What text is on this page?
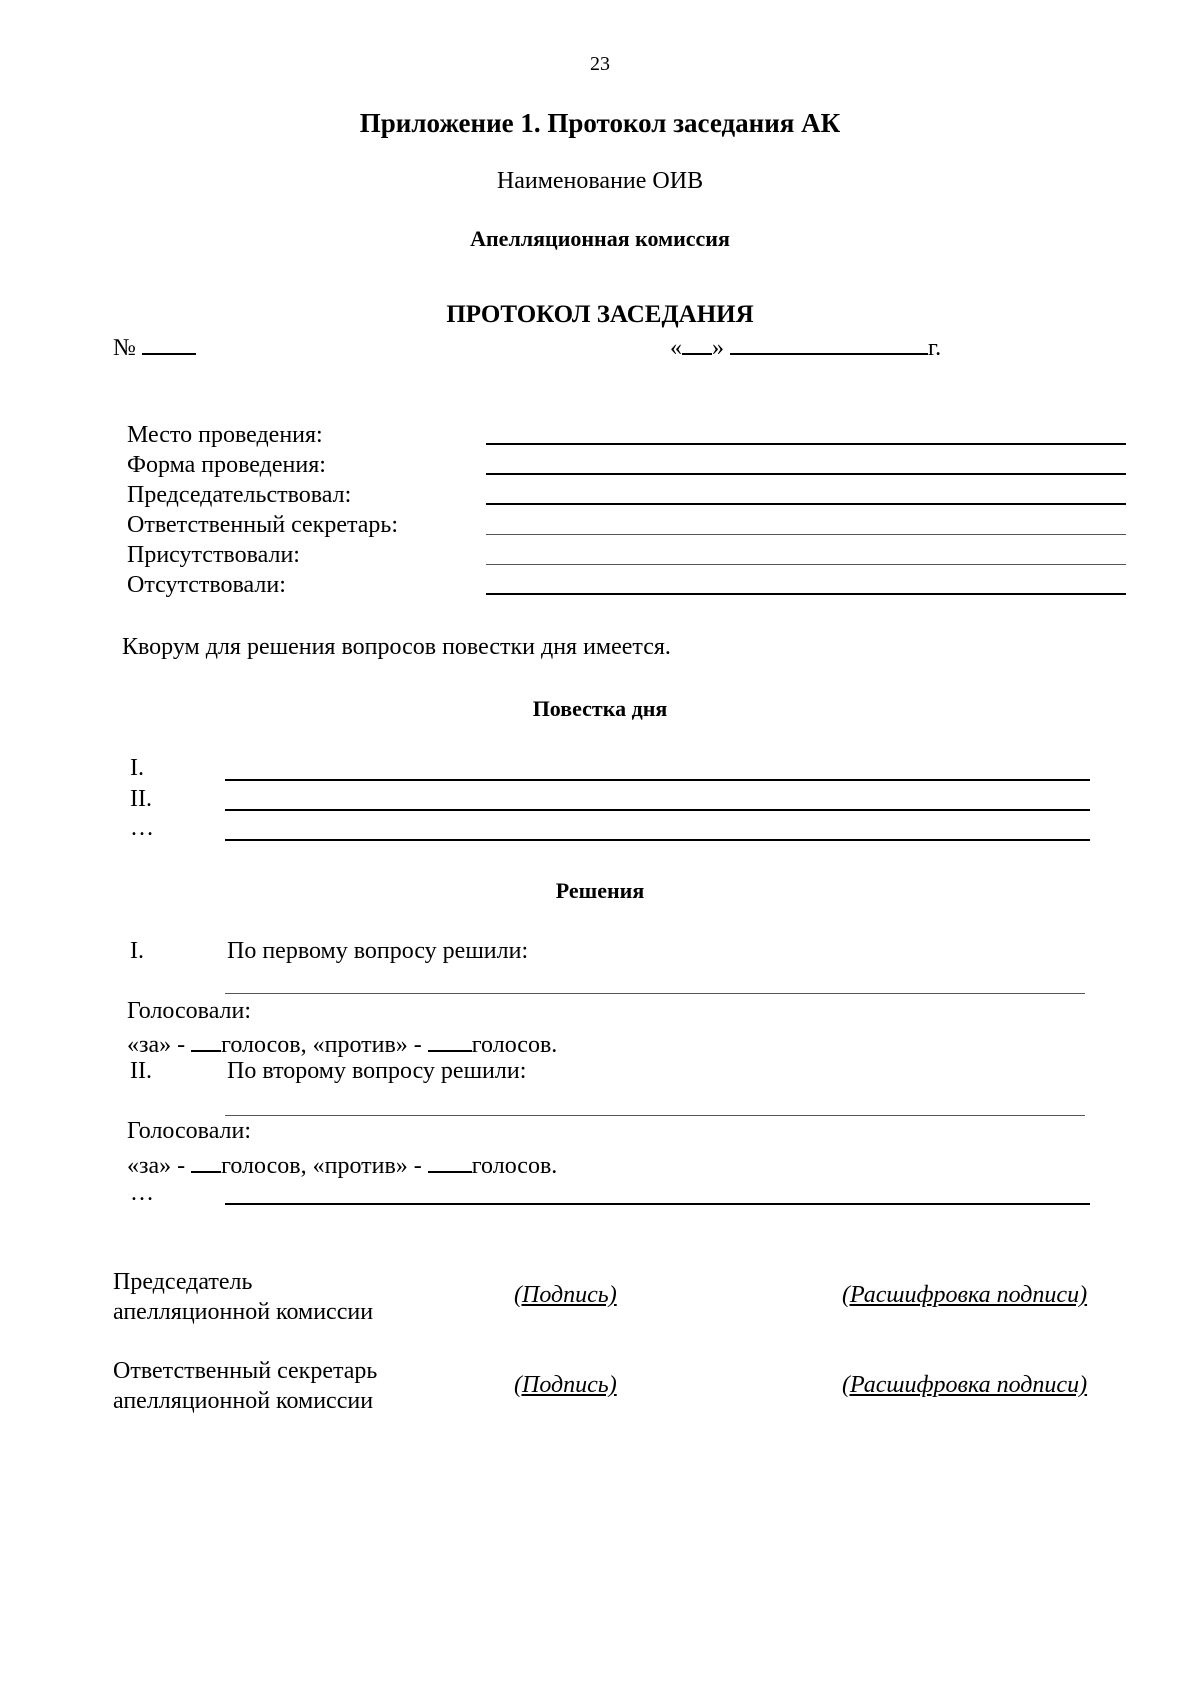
23
Приложение 1. Протокол заседания АК
Наименование ОИВ
Апелляционная комиссия
ПРОТОКОЛ ЗАСЕДАНИЯ
№	« »	г.
Место проведения:
Форма проведения:
Председательствовал:
Ответственный секретарь:
Присутствовали:
Отсутствовали:
Кворум для решения вопросов повестки дня имеется.
Повестка дня
I.
II.
…
Решения
I.	По первому вопросу решили:
Голосовали:
«за» - голосов, «против» - голосов.
II.	По второму вопросу решили:
Голосовали:
«за» - голосов, «против» - голосов.
…
Председатель
апелляционной комиссии
(Подпись)	(Расшифровка подписи)
Ответственный секретарь
апелляционной комиссии
(Подпись)	(Расшифровка подписи)
